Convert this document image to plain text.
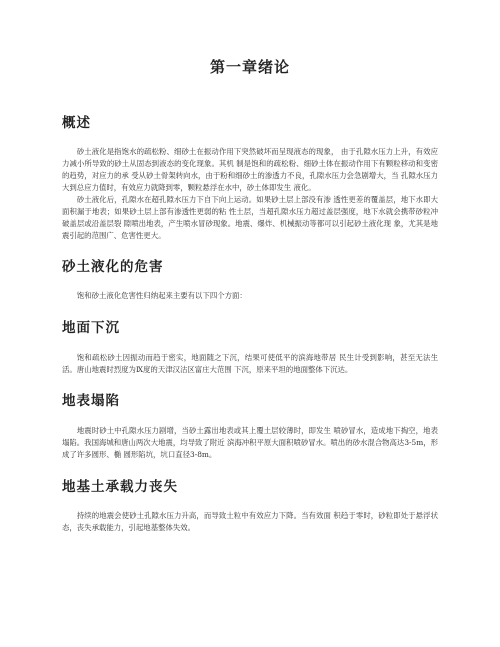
第一章绪论
概述

砂土液化是指饱水的疏松粉、细砂土在振动作用下突然破坏而呈现液态的现象， 由于孔隙水压力上升，有效应力减小所导致的砂土从固态到液态的变化现象。其机 制是饱和的疏松粉、细砂土体在振动作用下有颗粒移动和变密的趋势，对应力的承 受从砂土骨架转向水，由于粉和细砂土的渗透力不良，孔隙水压力会急剧增大，当 孔隙水压力大到总应力值时，有效应力就降到零，颗粒悬浮在水中，砂土体即发生 液化。

砂土液化后，孔隙水在超孔隙水压力下自下向上运动。如果砂土层上部没有渗 透性更差的覆盖层，地下水即大面积漏于地表；如果砂土层上部有渗透性更弱的粘 性土层，当超孔隙水压力超过盖层强度，地下水就会携带砂粒冲破盖层或沿盖层裂 隙喷出地表，产生喷水冒砂现象。地震、爆炸、机械振动等都可以引起砂土液化现 象，尤其是地震引起的范围广、危害性更大。

砂土液化的危害

饱和砂土液化危害性归纳起来主要有以下四个方面：

地面下沉

饱和疏松砂土因振动而趋于密实，地面随之下沉，结果可使低平的滨海地带居 民生计受到影响，甚至无法生活。唐山地震时烈度为Ⅸ度的天津汉沽区富庄大范围 下沉，原来平坦的地面整体下沉达。

地表塌陷

地震时砂土中孔隙水压力剧增，当砂土露出地表或其上覆土层较薄时，即发生 喷砂冒水，造成地下掏空，地表塌陷。我国海城和唐山两次大地震，均导致了附近 滨海冲积平原大面积喷砂冒水。喷出的砂水混合物高达3-5m，形成了许多圆形、椭 圆形陷坑，坑口直径3-8m。

地基土承载力丧失

持续的地震会使砂土孔隙水压力升高，而导致土粒中有效应力下降。当有效面 积趋于零时，砂粒即处于悬浮状态，丧失承载能力，引起地基整体失效。
